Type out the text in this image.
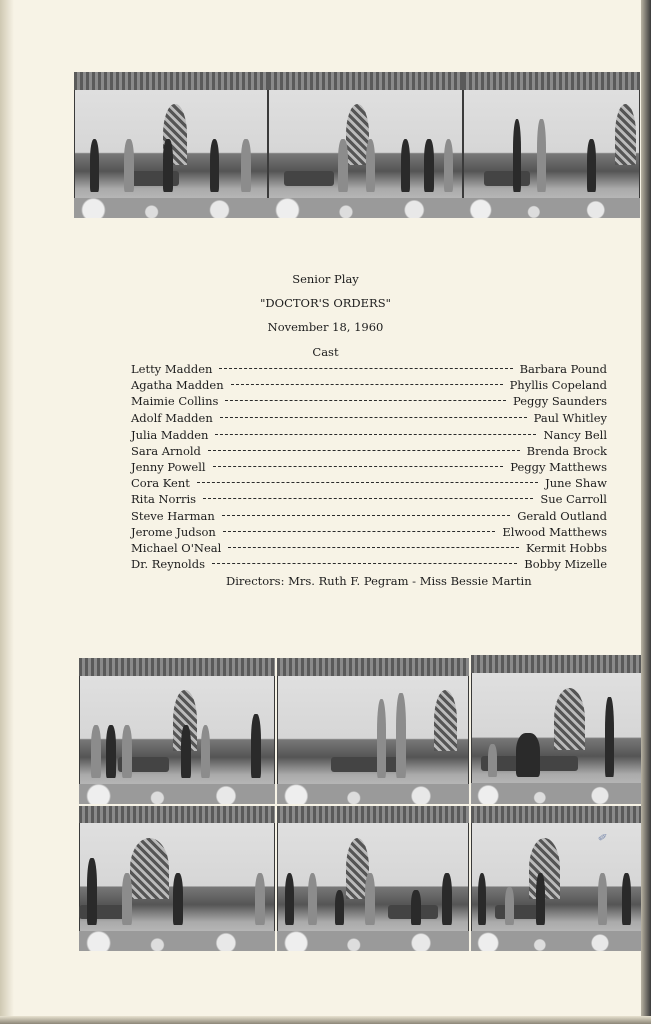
Senior Play
"DOCTOR'S ORDERS"
November 18, 1960
Cast
Letty Madden	Barbara Pound
Agatha Madden	Phyllis Copeland
Maimie Collins	Peggy Saunders
Adolf Madden	Paul Whitley
Julia Madden	Nancy Bell
Sara Arnold	Brenda Brock
Jenny Powell	Peggy Matthews
Cora Kent	June Shaw
Rita Norris	Sue Carroll
Steve Harman	Gerald Outland
Jerome Judson	Elwood Matthews
Michael O'Neal	Kermit Hobbs
Dr. Reynolds	Bobby Mizelle
Directors: Mrs. Ruth F. Pegram - Miss Bessie Martin
✎
